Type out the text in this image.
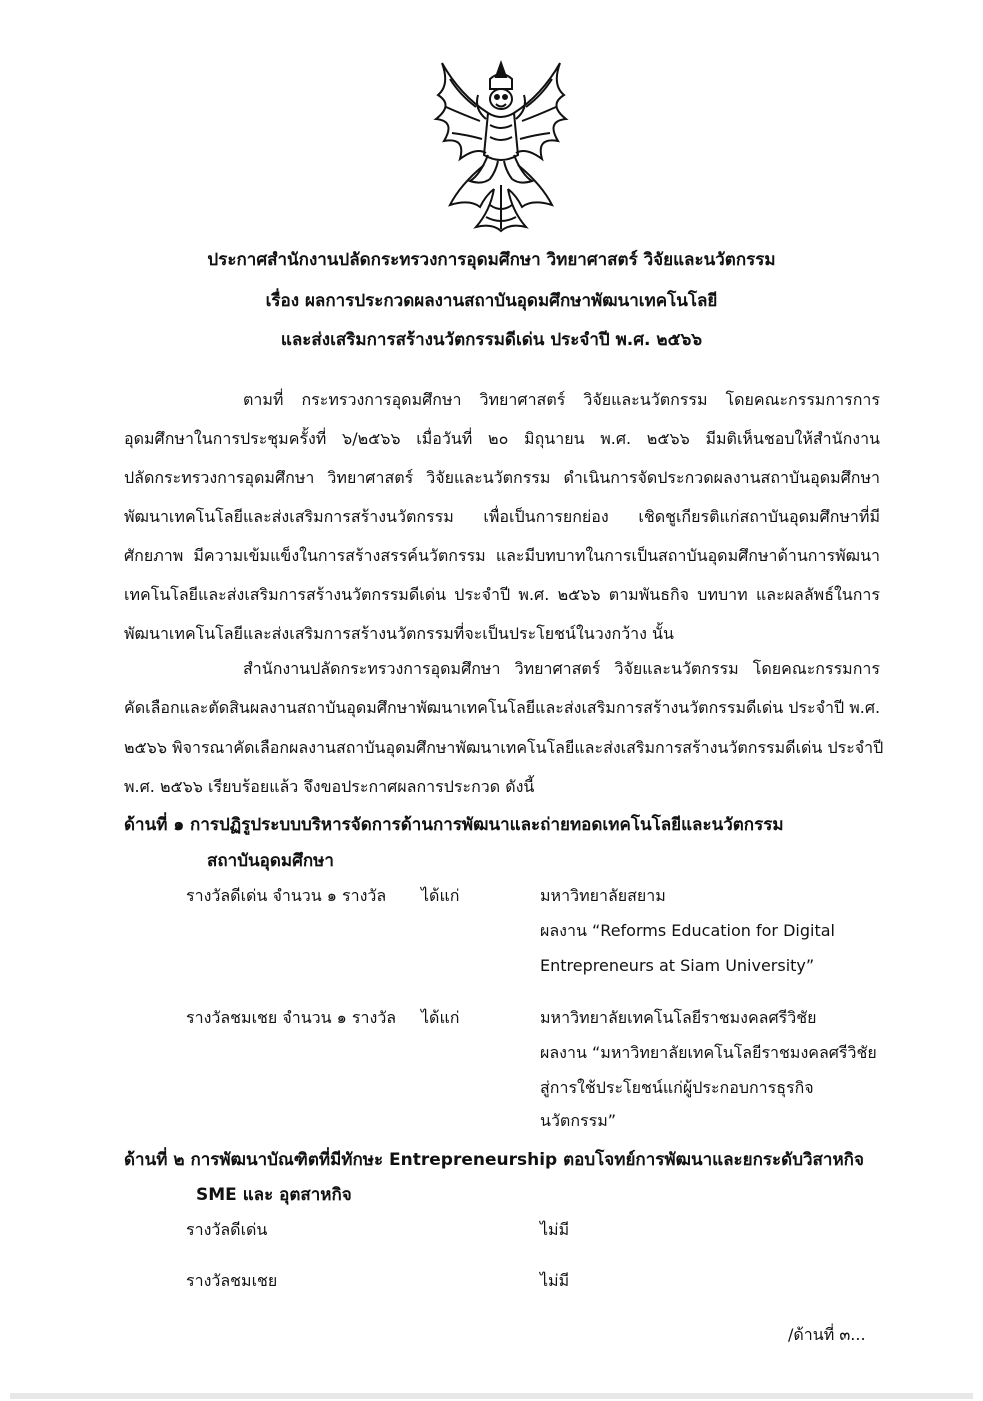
ประกาศสำนักงานปลัดกระทรวงการอุดมศึกษา วิทยาศาสตร์ วิจัยและนวัตกรรม
เรื่อง ผลการประกวดผลงานสถาบันอุดมศึกษาพัฒนาเทคโนโลยี
และส่งเสริมการสร้างนวัตกรรมดีเด่น ประจำปี พ.ศ. ๒๕๖๖
ตามที่ กระทรวงการอุดมศึกษา วิทยาศาสตร์ วิจัยและนวัตกรรม โดยคณะกรรมการการ
อุดมศึกษาในการประชุมครั้งที่ ๖/๒๕๖๖ เมื่อวันที่ ๒๐ มิถุนายน พ.ศ. ๒๕๖๖ มีมติเห็นชอบให้สำนักงาน
ปลัดกระทรวงการอุดมศึกษา วิทยาศาสตร์ วิจัยและนวัตกรรม ดำเนินการจัดประกวดผลงานสถาบันอุดมศึกษา
พัฒนาเทคโนโลยีและส่งเสริมการสร้างนวัตกรรม เพื่อเป็นการยกย่อง เชิดชูเกียรติแก่สถาบันอุดมศึกษาที่มี
ศักยภาพ มีความเข้มแข็งในการสร้างสรรค์นวัตกรรม และมีบทบาทในการเป็นสถาบันอุดมศึกษาด้านการพัฒนา
เทคโนโลยีและส่งเสริมการสร้างนวัตกรรมดีเด่น ประจำปี พ.ศ. ๒๕๖๖ ตามพันธกิจ บทบาท และผลลัพธ์ในการ
พัฒนาเทคโนโลยีและส่งเสริมการสร้างนวัตกรรมที่จะเป็นประโยชน์ในวงกว้าง นั้น
สำนักงานปลัดกระทรวงการอุดมศึกษา วิทยาศาสตร์ วิจัยและนวัตกรรม โดยคณะกรรมการ
คัดเลือกและตัดสินผลงานสถาบันอุดมศึกษาพัฒนาเทคโนโลยีและส่งเสริมการสร้างนวัตกรรมดีเด่น ประจำปี พ.ศ.
๒๕๖๖ พิจารณาคัดเลือกผลงานสถาบันอุดมศึกษาพัฒนาเทคโนโลยีและส่งเสริมการสร้างนวัตกรรมดีเด่น ประจำปี
พ.ศ. ๒๕๖๖ เรียบร้อยแล้ว จึงขอประกาศผลการประกวด ดังนี้
ด้านที่ ๑ การปฏิรูประบบบริหารจัดการด้านการพัฒนาและถ่ายทอดเทคโนโลยีและนวัตกรรม
สถาบันอุดมศึกษา
รางวัลดีเด่น จำนวน ๑ รางวัล ได้แก่	มหาวิทยาลัยสยาม
ผลงาน “Reforms Education for Digital
Entrepreneurs at Siam University”
รางวัลชมเชย จำนวน ๑ รางวัล ได้แก่	มหาวิทยาลัยเทคโนโลยีราชมงคลศรีวิชัย
ผลงาน “มหาวิทยาลัยเทคโนโลยีราชมงคลศรีวิชัย
สู่การใช้ประโยชน์แก่ผู้ประกอบการธุรกิจ
นวัตกรรม”
ด้านที่ ๒ การพัฒนาบัณฑิตที่มีทักษะ Entrepreneurship ตอบโจทย์การพัฒนาและยกระดับวิสาหกิจ
SME และ อุตสาหกิจ
รางวัลดีเด่น	ไม่มี
รางวัลชมเชย	ไม่มี
/ด้านที่ ๓...
